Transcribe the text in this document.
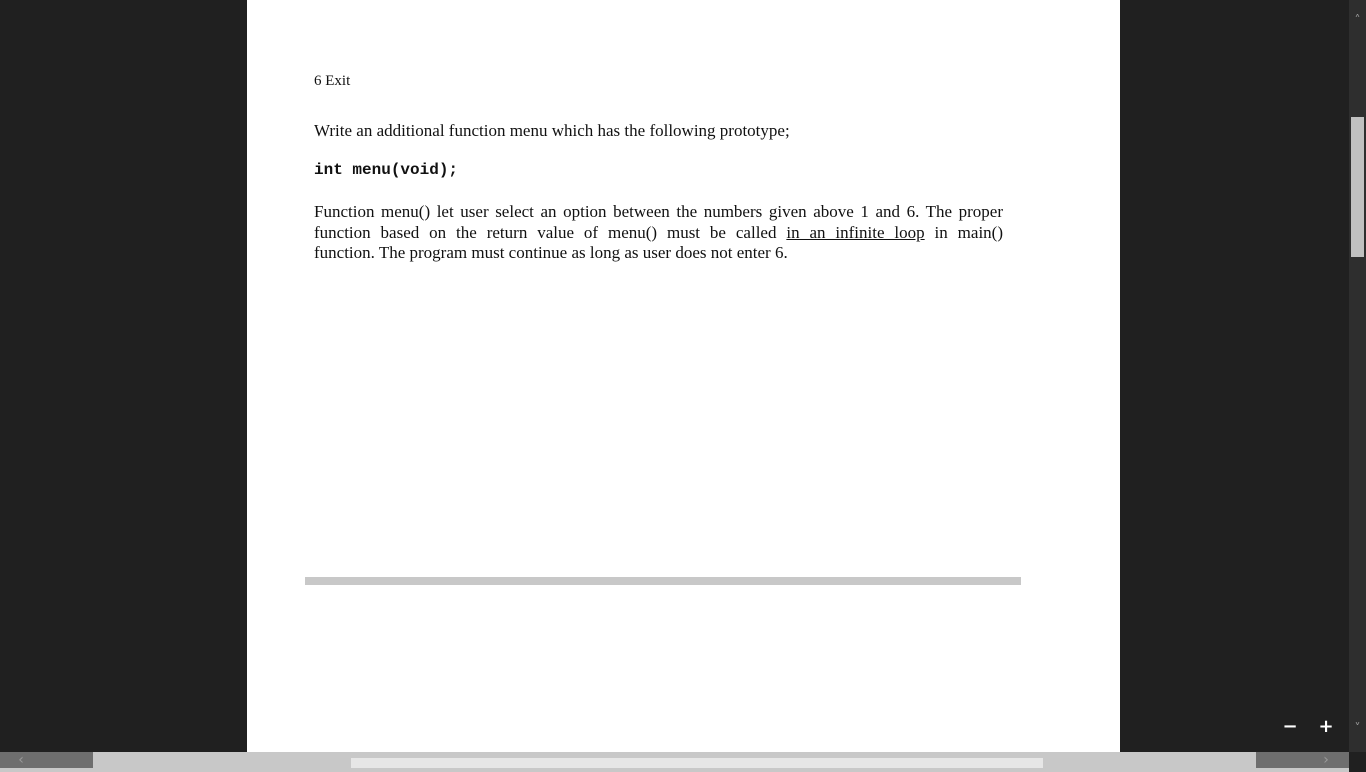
6 Exit
Write an additional function menu which has the following prototype;
int menu(void);
Function menu() let user select an option between the numbers given above 1 and 6. The proper
function based on the return value of menu() must be called in an infinite loop in main()
function. The program must continue as long as user does not enter 6.
˄
˅
‹	›
− +
